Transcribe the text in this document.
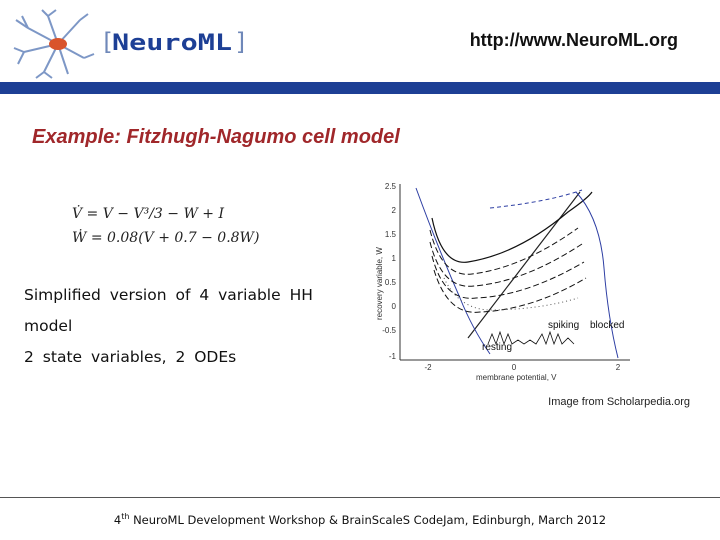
[
NeuroML ]	http://www.NeuroML.org
Example: Fitzhugh-Nagumo cell model
V̇ = V − V³/3 − W + I
Ẇ = 0.08(V + 0.7 − 0.8W)

Simplified version of 4 variable HH

model

2 state variables, 2 ODEs

2.5
2
1.5
1
0.5
0
-0.5
-1
-2	0	2
recovery variable, W
membrane potential, V
spiking blocked
resting
Image from Scholarpedia.org
4th NeuroML Development Workshop & BrainScaleS CodeJam, Edinburgh, March 2012
